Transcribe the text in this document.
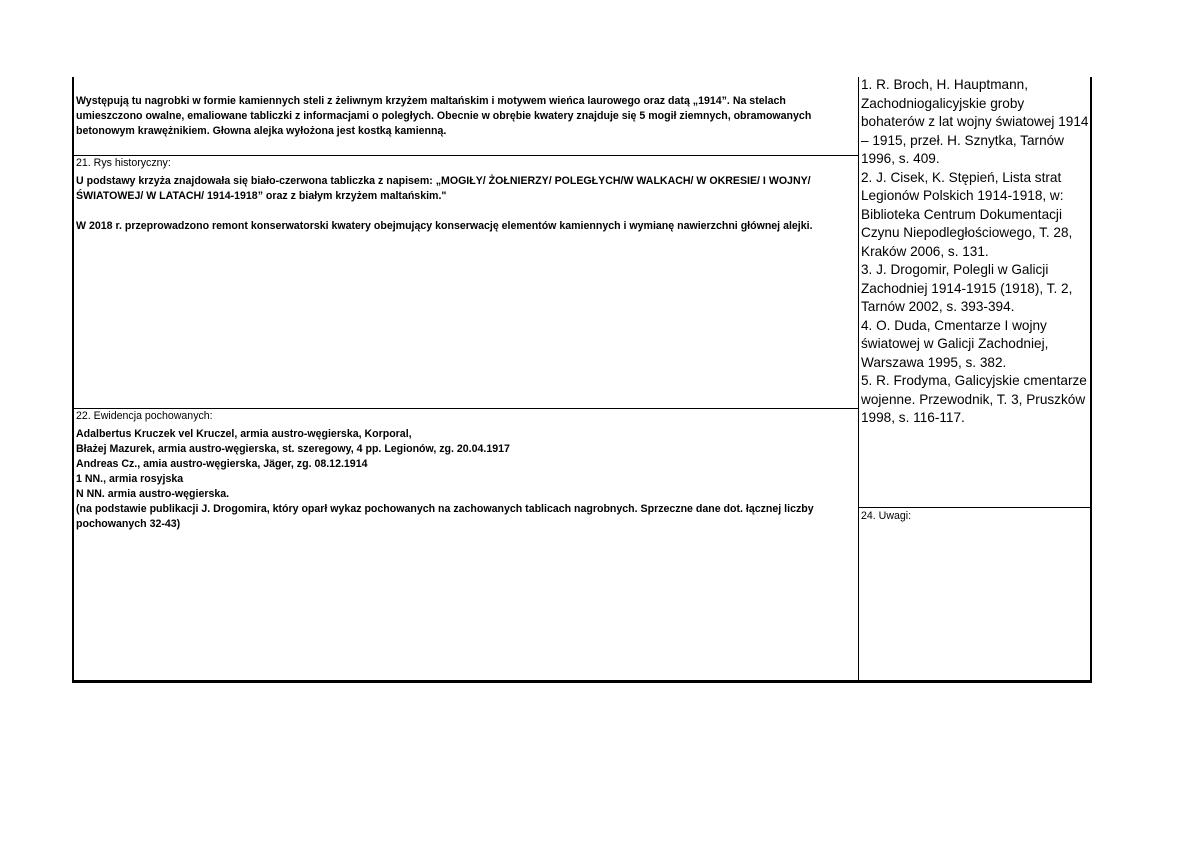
Występują tu nagrobki w formie kamiennych steli z żeliwnym krzyżem maltańskim i motywem wieńca laurowego oraz datą „1914”. Na stelach umieszczono owalne, emaliowane tabliczki z informacjami o poległych. Obecnie w obrębie kwatery znajduje się 5 mogił ziemnych, obramowanych betonowym krawężnikiem. Głowna alejka wyłożona jest kostką kamienną.

21. Rys historyczny:

U podstawy krzyża znajdowała się biało-czerwona tabliczka z napisem: „MOGIŁY/ ŻOŁNIERZY/ POLEGŁYCH/W WALKACH/ W OKRESIE/ I WOJNY/ ŚWIATOWEJ/ W LATACH/ 1914-1918” oraz z białym krzyżem maltańskim."

W 2018 r. przeprowadzono remont konserwatorski kwatery obejmujący konserwację elementów kamiennych i wymianę nawierzchni głównej alejki.

22. Ewidencja pochowanych:
Adalbertus Kruczek vel Kruczel, armia austro-węgierska, Korporal,
Błażej Mazurek, armia austro-węgierska, st. szeregowy, 4 pp. Legionów, zg. 20.04.1917
Andreas Cz., amia austro-węgierska, Jäger, zg. 08.12.1914
1 NN., armia rosyjska
N NN. armia austro-węgierska.
(na podstawie publikacji J. Drogomira, który oparł wykaz pochowanych na zachowanych tablicach nagrobnych. Sprzeczne dane dot. łącznej liczby pochowanych 32-43)

1. R. Broch, H. Hauptmann, Zachodniogalicyjskie groby bohaterów z lat wojny światowej 1914 – 1915, przeł. H. Sznytka, Tarnów 1996, s. 409.

2. J. Cisek, K. Stępień, Lista strat Legionów Polskich 1914-1918, w: Biblioteka Centrum Dokumentacji Czynu Niepodległościowego, T. 28, Kraków 2006, s. 131.

3. J. Drogomir, Polegli w Galicji Zachodniej 1914-1915 (1918), T. 2, Tarnów 2002, s. 393-394.

4. O. Duda, Cmentarze I wojny światowej w Galicji Zachodniej, Warszawa 1995, s. 382.

5. R. Frodyma, Galicyjskie cmentarze wojenne. Przewodnik, T. 3, Pruszków 1998, s. 116-117.

24. Uwagi:
